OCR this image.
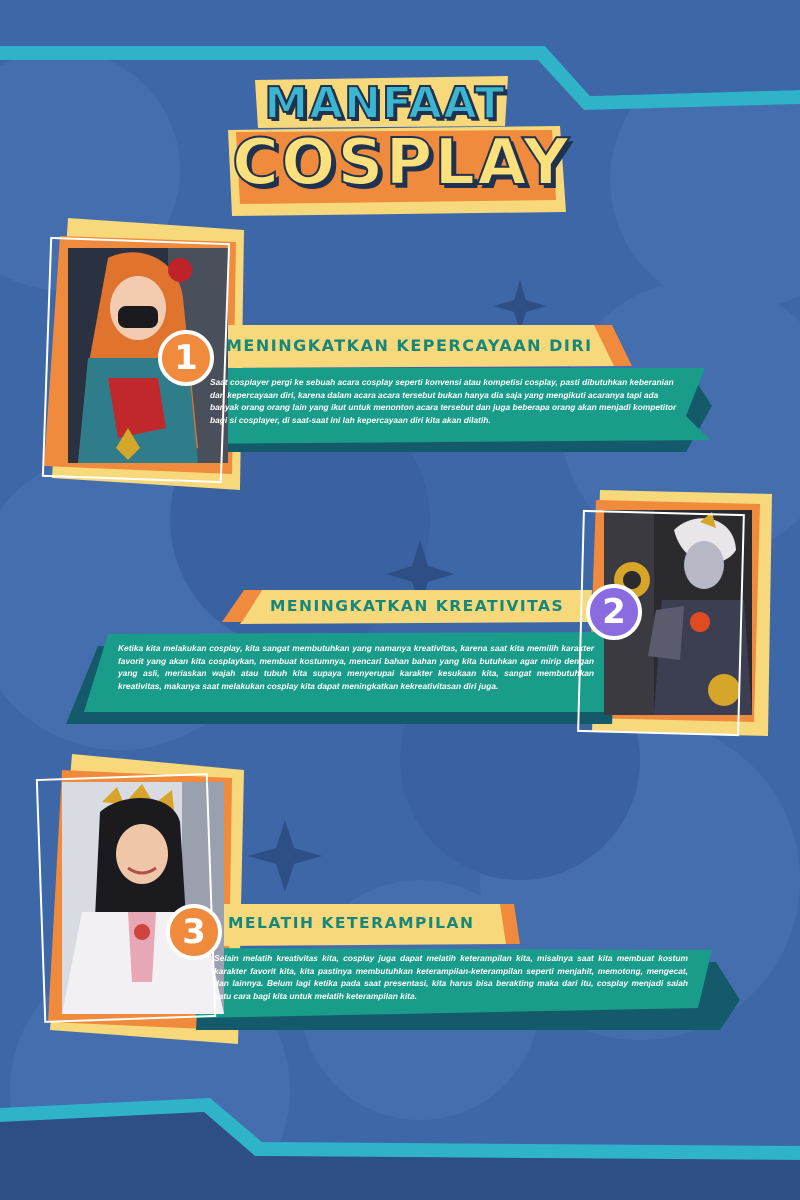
MANFAAT
COSPLAY
1	MENINGKATKAN KEPERCAYAAN DIRI
Saat cosplayer pergi ke sebuah acara cosplay seperti konvensi atau kompetisi cosplay, pasti dibutuhkan keberanian dan kepercayaan diri, karena dalam acara acara tersebut bukan hanya dia saja yang mengikuti acaranya tapi ada banyak orang orang lain yang ikut untuk menonton acara tersebut dan juga beberapa orang akan menjadi kompetitor bagi si cosplayer, di saat-saat ini lah kepercayaan diri kita akan dilatih.
2
MENINGKATKAN KREATIVITAS
Ketika kita melakukan cosplay, kita sangat membutuhkan yang namanya kreativitas, karena saat kita memilih karakter favorit yang akan kita cosplaykan, membuat kostumnya, mencari bahan bahan yang kita butuhkan agar mirip dengan yang asli, meriaskan wajah atau tubuh kita supaya menyerupai karakter kesukaan kita, sangat membutuhkan kreativitas, makanya saat melakukan cosplay kita dapat meningkatkan kekreativitasan diri juga.
3	MELATIH KETERAMPILAN
Selain melatih kreativitas kita, cosplay juga dapat melatih keterampilan kita, misalnya saat kita membuat kostum karakter favorit kita, kita pastinya membutuhkan keterampilan-keterampilan seperti menjahit, memotong, mengecat, dan lainnya. Belum lagi ketika pada saat presentasi, kita harus bisa berakting maka dari itu, cosplay menjadi salah satu cara bagi kita untuk melatih keterampilan kita.
